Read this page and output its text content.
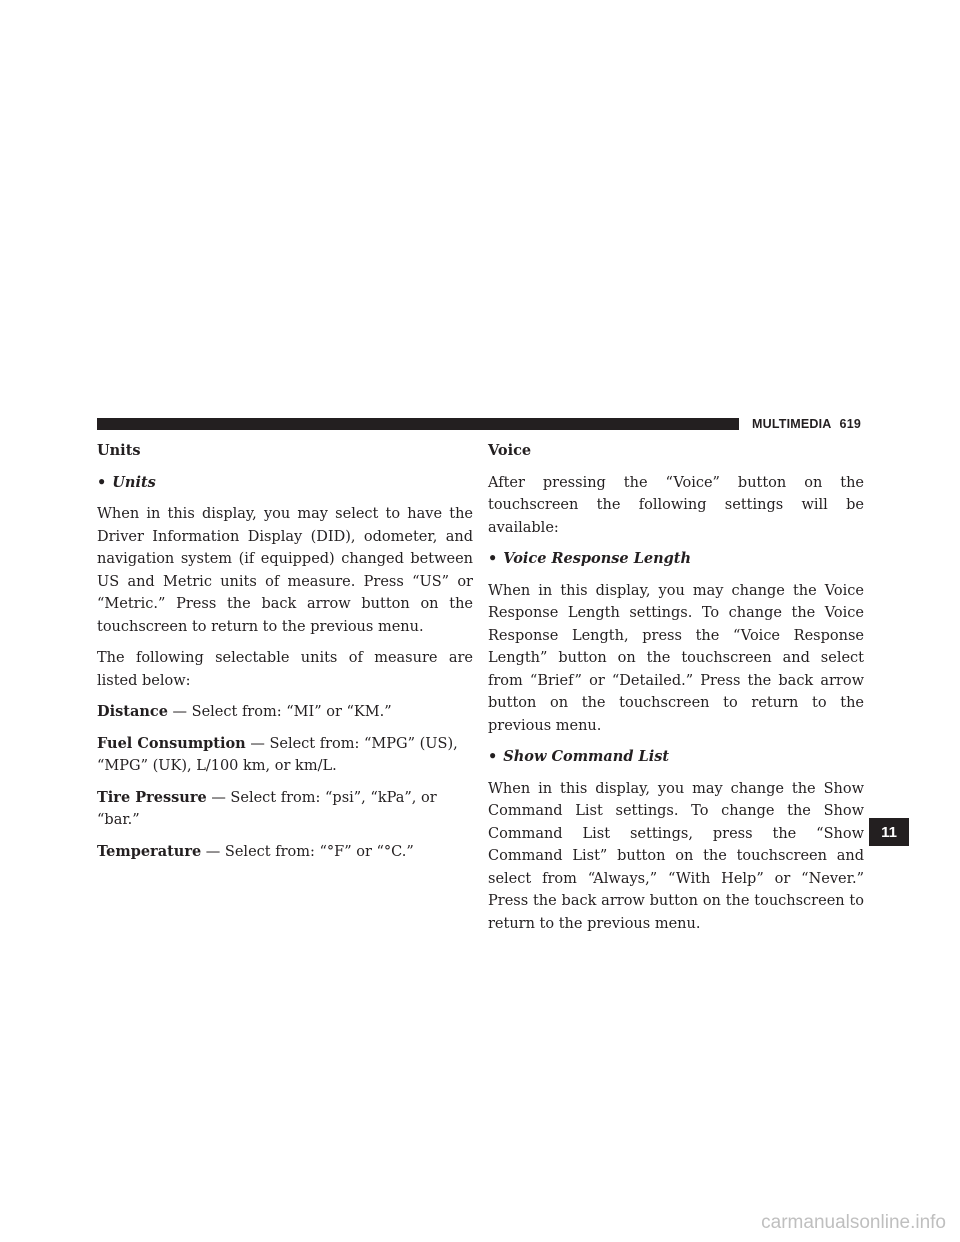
MULTIMEDIA 619
Units
• Units

When in this display, you may select to have the Driver Information Display (DID), odometer, and navigation system (if equipped) changed between US and Metric units of measure. Press “US” or “Metric.” Press the back arrow button on the touchscreen to return to the previous menu.

The following selectable units of measure are listed below:

Distance — Select from: “MI” or “KM.”

Fuel Consumption — Select from: “MPG” (US), “MPG” (UK), L/100 km, or km/L.

Tire Pressure — Select from: “psi”, “kPa”, or “bar.”

Temperature — Select from: “°F” or “°C.”

Voice

After pressing the “Voice” button on the touchscreen the following settings will be available:

• Voice Response Length

When in this display, you may change the Voice Response Length settings. To change the Voice Response Length, press the “Voice Response Length” button on the touchscreen and select from “Brief” or “Detailed.” Press the back arrow button on the touchscreen to return to the previous menu.

• Show Command List

When in this display, you may change the Show Command List settings. To change the Show Command List settings, press the “Show Command List” button on the touchscreen and select from “Always,” “With Help” or “Never.” Press the back arrow button on the touchscreen to return to the previous menu.

11
carmanualsonline.info
